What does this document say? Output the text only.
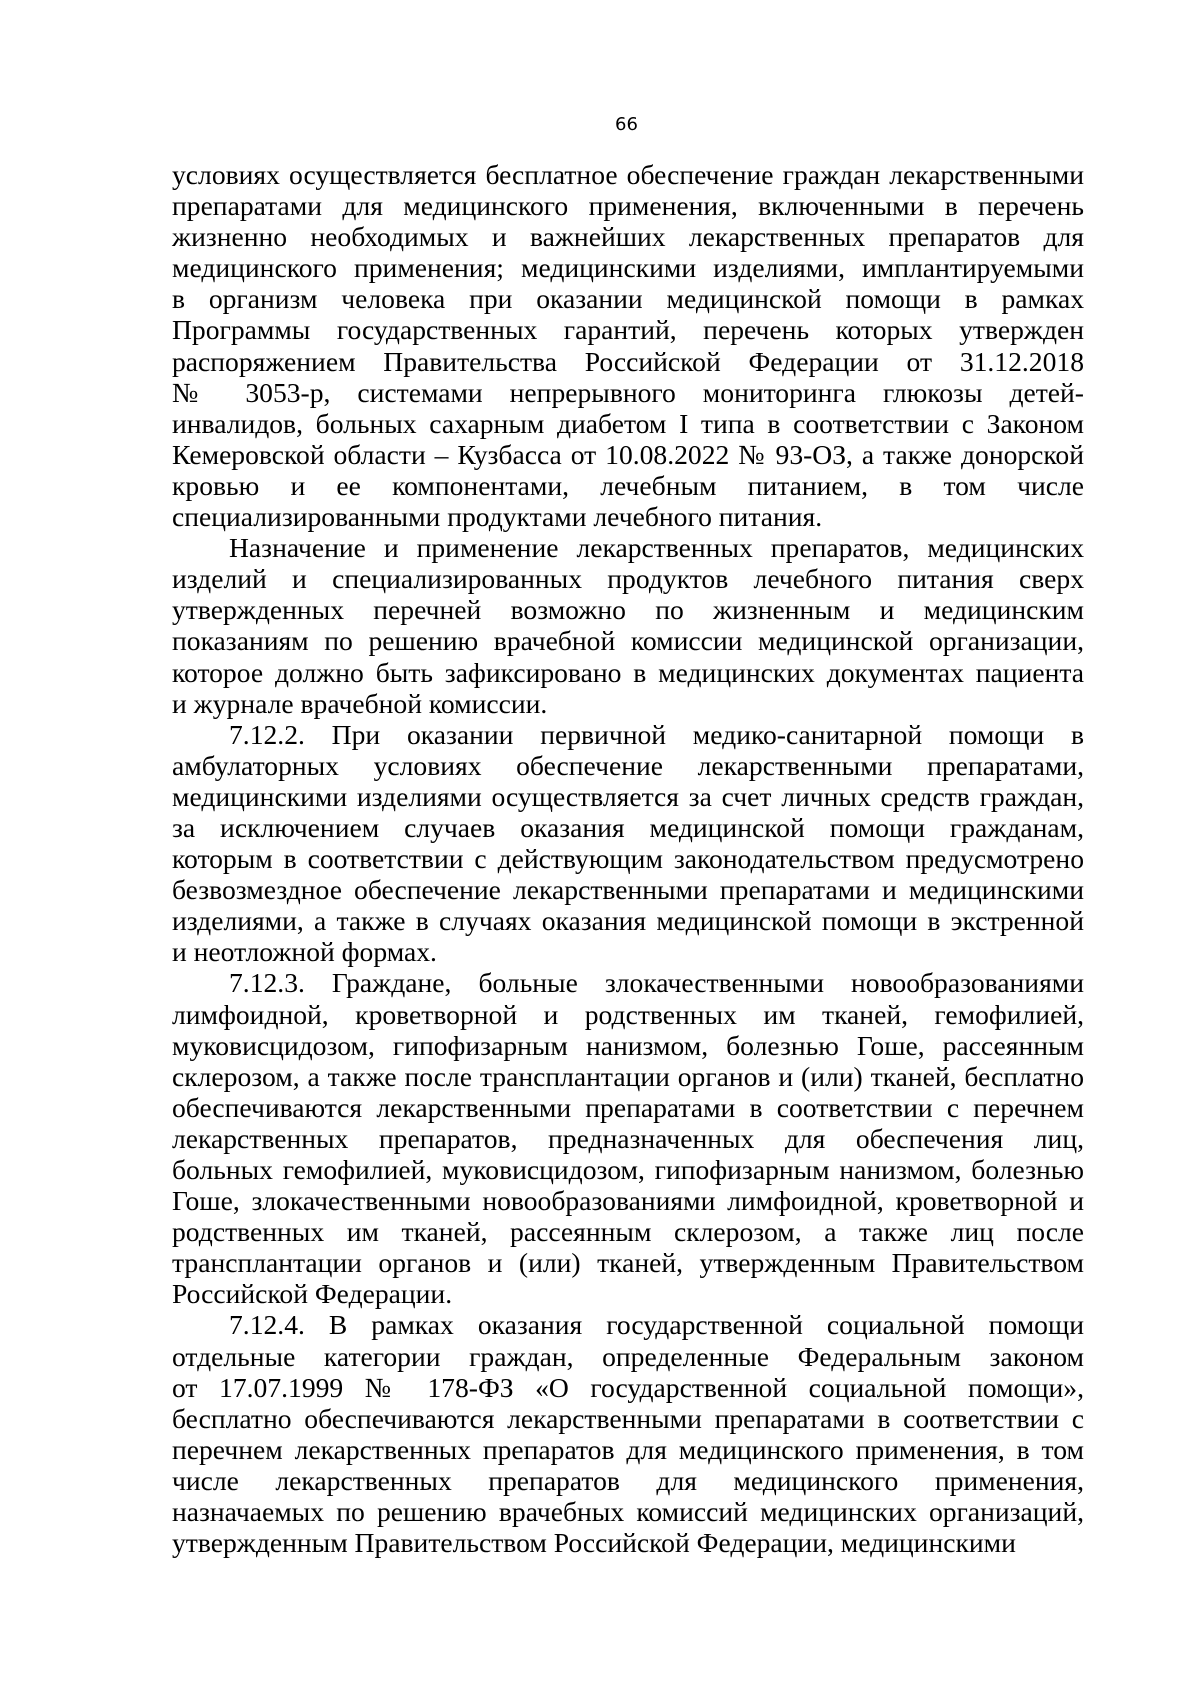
66
условиях осуществляется бесплатное обеспечение граждан лекарственными
препаратами для медицинского применения, включенными в перечень
жизненно необходимых и важнейших лекарственных препаратов для
медицинского применения; медицинскими изделиями, имплантируемыми
в организм человека при оказании медицинской помощи в рамках
Программы государственных гарантий, перечень которых утвержден
распоряжением Правительства Российской Федерации от 31.12.2018
№ 3053-р, системами непрерывного мониторинга глюкозы детей-
инвалидов, больных сахарным диабетом I типа в соответствии с Законом
Кемеровской области – Кузбасса от 10.08.2022 № 93-ОЗ, а также донорской
кровью и ее компонентами, лечебным питанием, в том числе
специализированными продуктами лечебного питания.
Назначение и применение лекарственных препаратов, медицинских
изделий и специализированных продуктов лечебного питания сверх
утвержденных перечней возможно по жизненным и медицинским
показаниям по решению врачебной комиссии медицинской организации,
которое должно быть зафиксировано в медицинских документах пациента
и журнале врачебной комиссии.
7.12.2. При оказании первичной медико-санитарной помощи в
амбулаторных условиях обеспечение лекарственными препаратами,
медицинскими изделиями осуществляется за счет личных средств граждан,
за исключением случаев оказания медицинской помощи гражданам,
которым в соответствии с действующим законодательством предусмотрено
безвозмездное обеспечение лекарственными препаратами и медицинскими
изделиями, а также в случаях оказания медицинской помощи в экстренной
и неотложной формах.
7.12.3. Граждане, больные злокачественными новообразованиями
лимфоидной, кроветворной и родственных им тканей, гемофилией,
муковисцидозом, гипофизарным нанизмом, болезнью Гоше, рассеянным
склерозом, а также после трансплантации органов и (или) тканей, бесплатно
обеспечиваются лекарственными препаратами в соответствии с перечнем
лекарственных препаратов, предназначенных для обеспечения лиц,
больных гемофилией, муковисцидозом, гипофизарным нанизмом, болезнью
Гоше, злокачественными новообразованиями лимфоидной, кроветворной и
родственных им тканей, рассеянным склерозом, а также лиц после
трансплантации органов и (или) тканей, утвержденным Правительством
Российской Федерации.
7.12.4. В рамках оказания государственной социальной помощи
отдельные категории граждан, определенные Федеральным законом
от 17.07.1999 № 178-ФЗ «О государственной социальной помощи»,
бесплатно обеспечиваются лекарственными препаратами в соответствии с
перечнем лекарственных препаратов для медицинского применения, в том
числе лекарственных препаратов для медицинского применения,
назначаемых по решению врачебных комиссий медицинских организаций,
утвержденным Правительством Российской Федерации, медицинскими
